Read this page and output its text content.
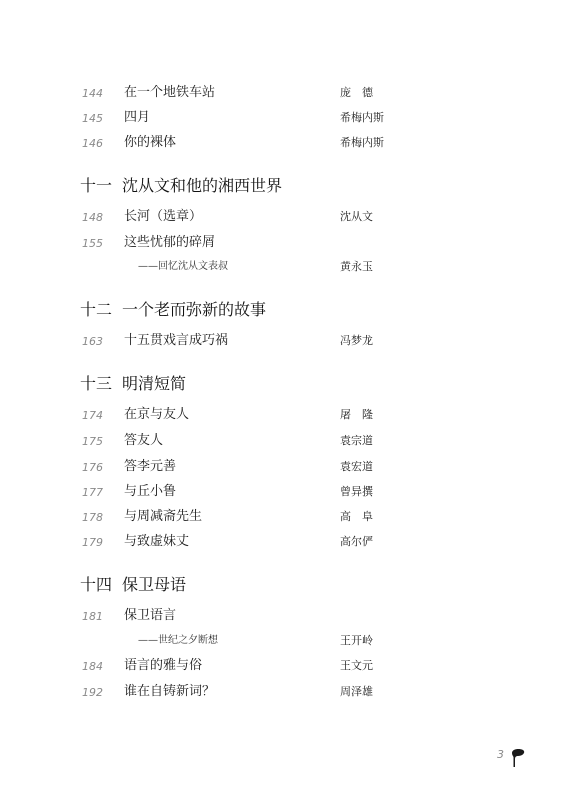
144	在一个地铁车站	庞　德
145	四月	希梅内斯
146	你的裸体	希梅内斯
十一 沈从文和他的湘西世界
148	长河（选章）	沈从文
155	这些忧郁的碎屑
——回忆沈从文表叔	黄永玉
十二 一个老而弥新的故事
163	十五贯戏言成巧祸	冯梦龙
十三 明清短简
174	在京与友人	屠　隆
175	答友人	袁宗道
176	答李元善	袁宏道
177	与丘小鲁	曾异撰
178	与周减斋先生	高　阜
179	与致虚妹丈	高尔俨
十四 保卫母语
181	保卫语言
——世纪之夕断想	王开岭
184	语言的雅与俗	王文元
192	谁在自铸新词？	周泽雄
3
